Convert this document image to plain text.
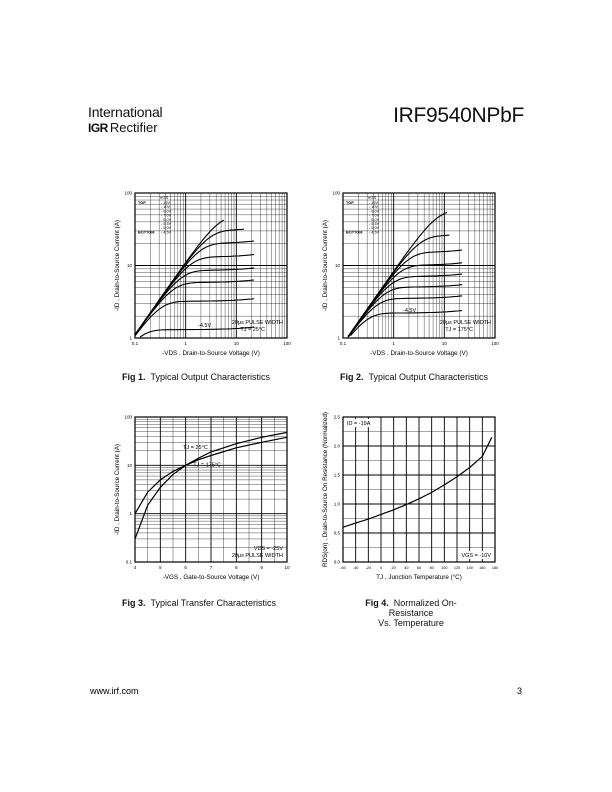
International
IGR Rectifier
IRF9540NPbF
0.1	1	10	100
100
10
1
-VDS , Drain-to-Source Voltage (V)
-ID , Drain-to-Source Current (A)
VGS
TOP	- 15V
- 10V
- 8.0V
- 7.0V
- 6.0V
- 5.5V
- 5.0V
BOTTOM - 4.5V
-4.5V	20μs PULSE WIDTH
TJ = 25°C
Fig 1. Typical Output Characteristics
0.1	1	10	100
100
10
1
-VDS , Drain-to-Source Voltage (V)
-ID , Drain-to-Source Current (A)
VGS
TOP	- 15V
- 10V
- 8.0V
- 7.0V
- 6.0V
- 5.5V
- 5.0V
BOTTOM - 4.5V
-4.5V
20μs PULSE WIDTH
TJ = 175°C
Fig 2. Typical Output Characteristics
4	5	6	7	8	9	10
100
10
1
0.1
-VGS , Gate-to-Source Voltage (V)
-ID , Drain-to-Source Current (A)	TJ = 25°C
TJ = 175°C
VDS = -25V
20μs PULSE WIDTH
Fig 3. Typical Transfer Characteristics
-60 -40 -20 0 20 40 60 80 100 120 140 160 180
2.5
2.0
1.5
1.0
0.5
0.0
TJ , Junction Temperature (°C)
RDS(on) , Drain-to-Source On Resistance (Normalized)	ID = -19A
VGS = -10V
Fig 4. Normalized On-Resistance
Vs. Temperature
www.irf.com	3
